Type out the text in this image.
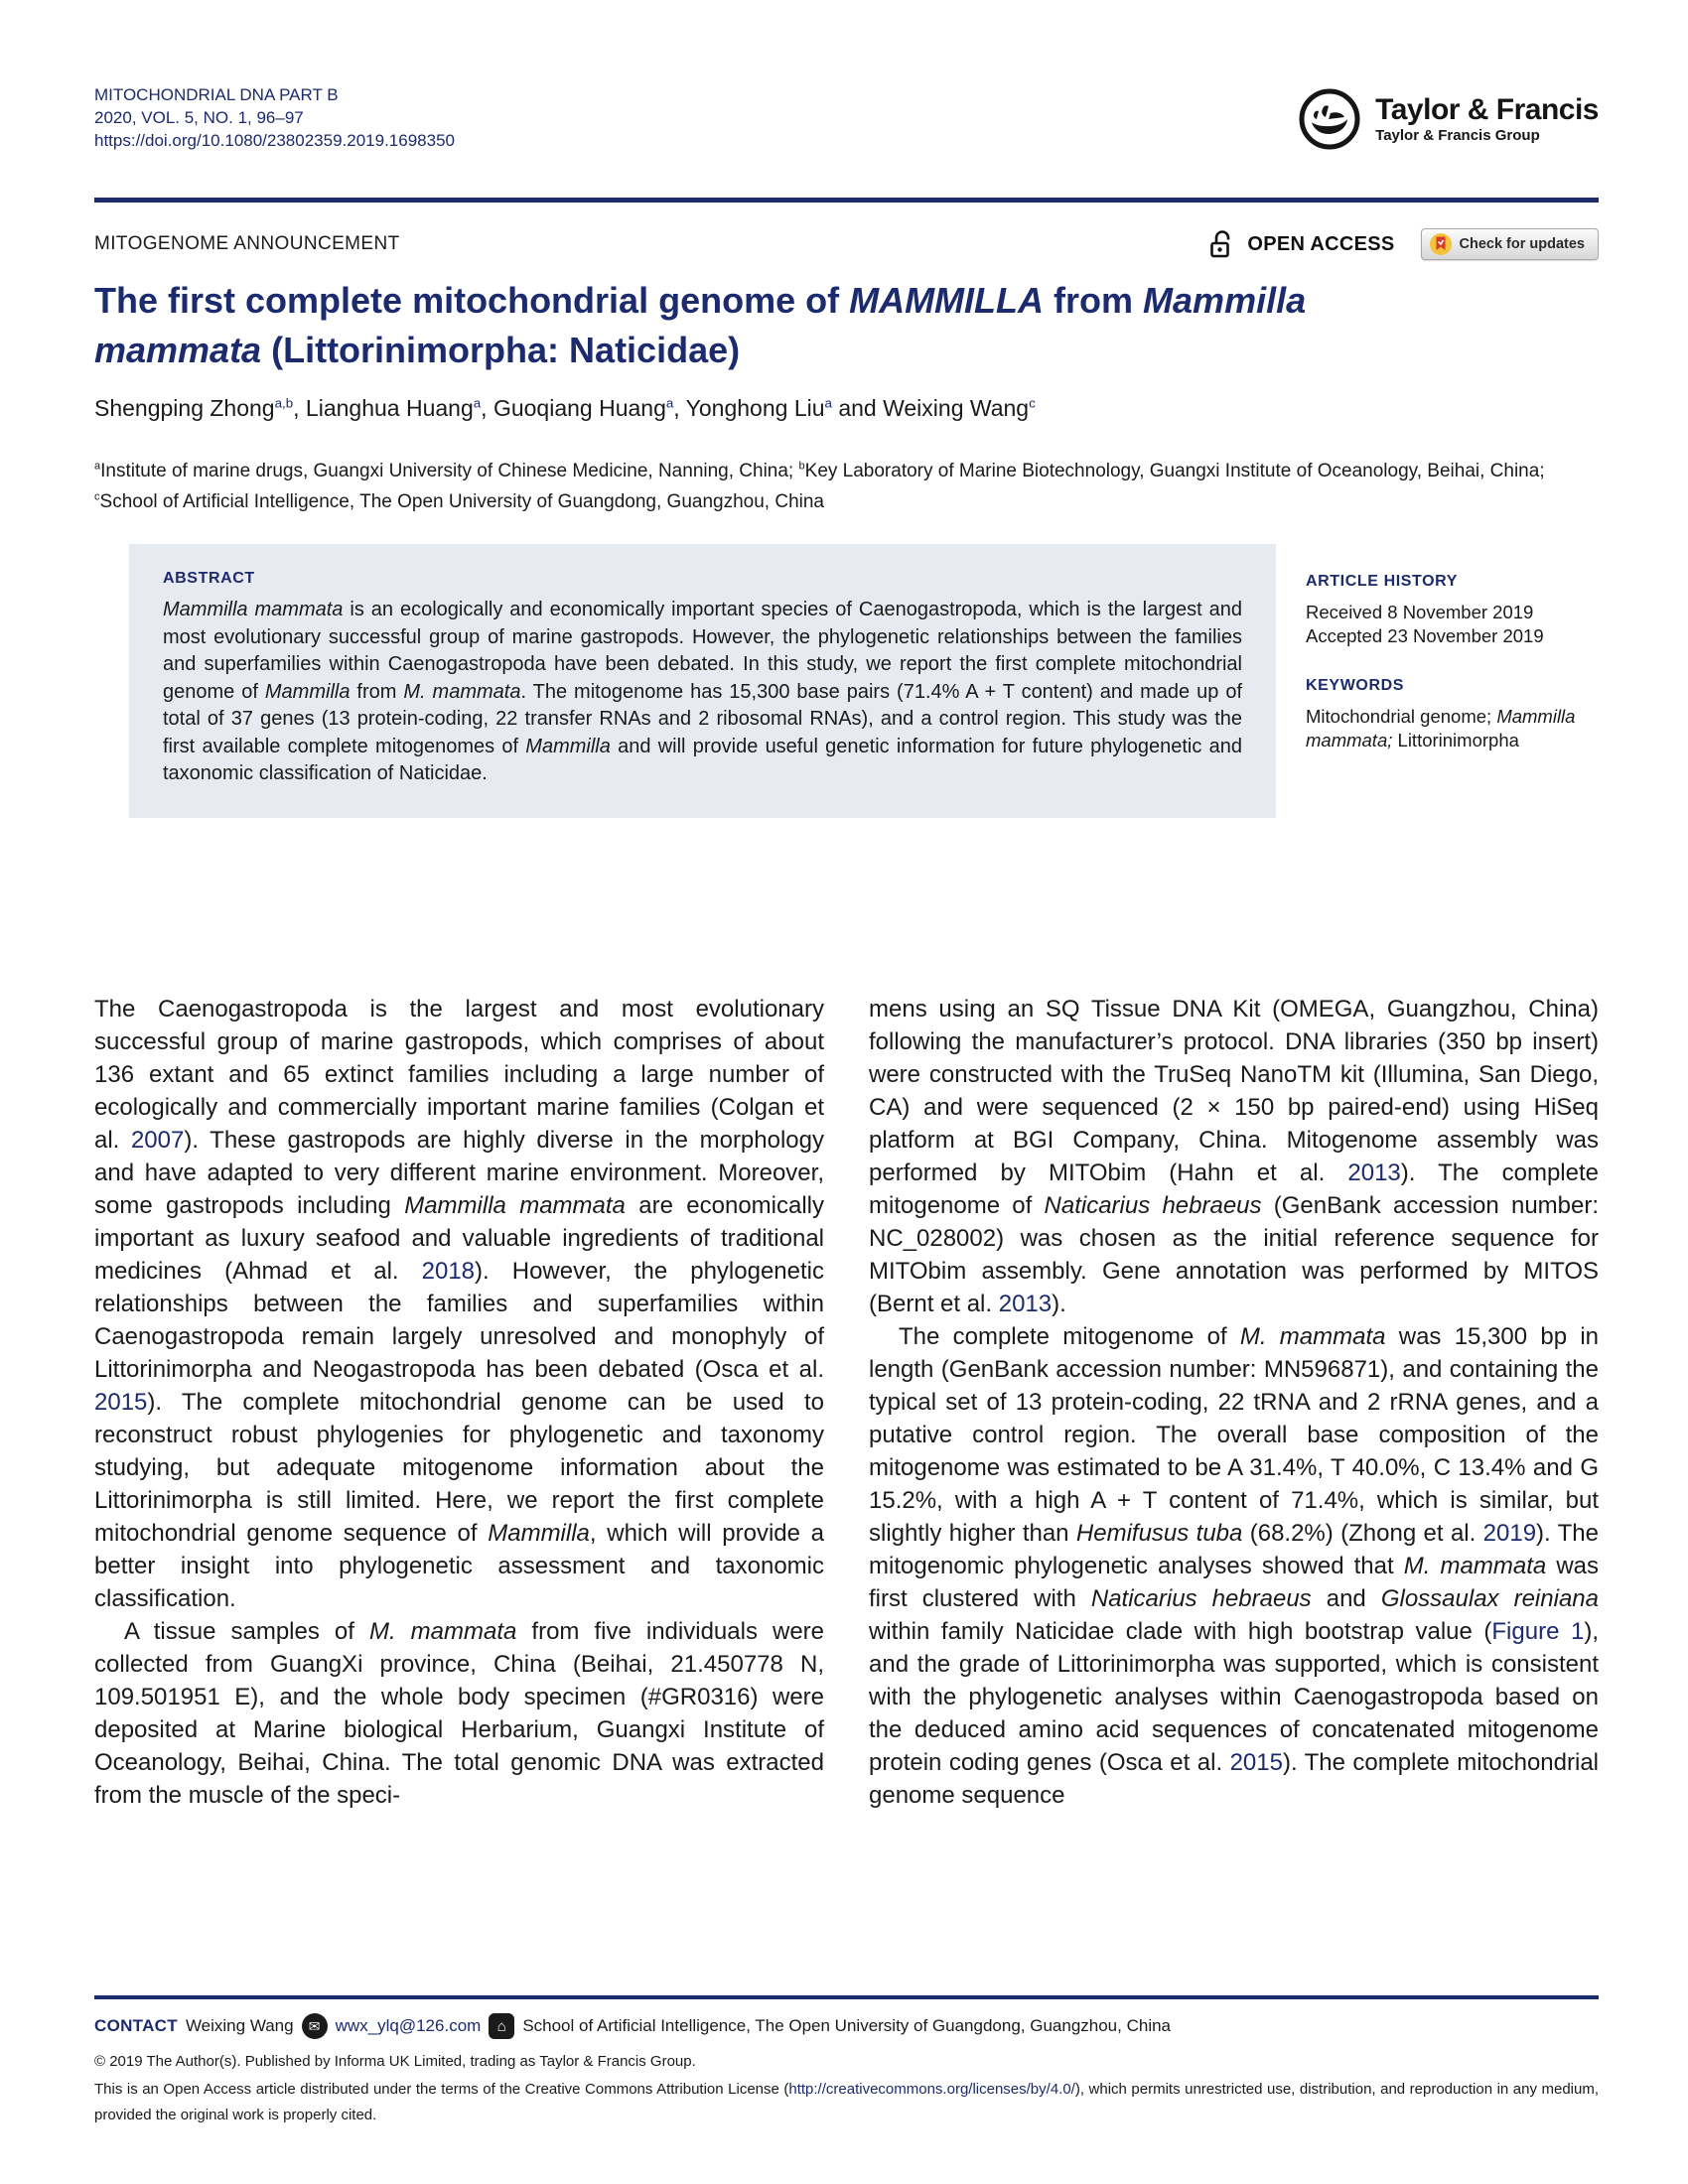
MITOCHONDRIAL DNA PART B
2020, VOL. 5, NO. 1, 96–97
https://doi.org/10.1080/23802359.2019.1698350
Taylor & Francis
Taylor & Francis Group
MITOGENOME ANNOUNCEMENT	OPEN ACCESS	Check for updates
The first complete mitochondrial genome of MAMMILLA from Mammilla mammata (Littorinimorpha: Naticidae)
Shengping Zhong$^{a,b}$, Lianghua Huang$^a$, Guoqiang Huang$^a$, Yonghong Liu$^a$ and Weixing Wang$^c$
$^a$Institute of marine drugs, Guangxi University of Chinese Medicine, Nanning, China; $^b$Key Laboratory of Marine Biotechnology, Guangxi Institute of Oceanology, Beihai, China; $^c$School of Artificial Intelligence, The Open University of Guangdong, Guangzhou, China
ABSTRACT

Mammilla mammata is an ecologically and economically important species of Caenogastropoda, which is the largest and most evolutionary successful group of marine gastropods. However, the phylogenetic relationships between the families and superfamilies within Caenogastropoda have been debated. In this study, we report the first complete mitochondrial genome of Mammilla from M. mammata. The mitogenome has 15,300 base pairs (71.4% A + T content) and made up of total of 37 genes (13 protein-coding, 22 transfer RNAs and 2 ribosomal RNAs), and a control region. This study was the first available complete mitogenomes of Mammilla and will provide useful genetic information for future phylogenetic and taxonomic classification of Naticidae.

ARTICLE HISTORY
Received 8 November 2019
Accepted 23 November 2019
KEYWORDS
Mitochondrial genome; Mammilla mammata; Littorinimorpha

The Caenogastropoda is the largest and most evolutionary successful group of marine gastropods, which comprises of about 136 extant and 65 extinct families including a large number of ecologically and commercially important marine families (Colgan et al. 2007). These gastropods are highly diverse in the morphology and have adapted to very different marine environment. Moreover, some gastropods including Mammilla mammata are economically important as luxury seafood and valuable ingredients of traditional medicines (Ahmad et al. 2018). However, the phylogenetic relationships between the families and superfamilies within Caenogastropoda remain largely unresolved and monophyly of Littorinimorpha and Neogastropoda has been debated (Osca et al. 2015). The complete mitochondrial genome can be used to reconstruct robust phylogenies for phylogenetic and taxonomy studying, but adequate mitogenome information about the Littorinimorpha is still limited. Here, we report the first complete mitochondrial genome sequence of Mammilla, which will provide a better insight into phylogenetic assessment and taxonomic classification.

A tissue samples of M. mammata from five individuals were collected from GuangXi province, China (Beihai, 21.450778 N, 109.501951 E), and the whole body specimen (#GR0316) were deposited at Marine biological Herbarium, Guangxi Institute of Oceanology, Beihai, China. The total genomic DNA was extracted from the muscle of the speci-

mens using an SQ Tissue DNA Kit (OMEGA, Guangzhou, China) following the manufacturer’s protocol. DNA libraries (350 bp insert) were constructed with the TruSeq NanoTM kit (Illumina, San Diego, CA) and were sequenced (2 × 150 bp paired-end) using HiSeq platform at BGI Company, China. Mitogenome assembly was performed by MITObim (Hahn et al. 2013). The complete mitogenome of Naticarius hebraeus (GenBank accession number: NC_028002) was chosen as the initial reference sequence for MITObim assembly. Gene annotation was performed by MITOS (Bernt et al. 2013).

The complete mitogenome of M. mammata was 15,300 bp in length (GenBank accession number: MN596871), and containing the typical set of 13 protein-coding, 22 tRNA and 2 rRNA genes, and a putative control region. The overall base composition of the mitogenome was estimated to be A 31.4%, T 40.0%, C 13.4% and G 15.2%, with a high A + T content of 71.4%, which is similar, but slightly higher than Hemifusus tuba (68.2%) (Zhong et al. 2019). The mitogenomic phylogenetic analyses showed that M. mammata was first clustered with Naticarius hebraeus and Glossaulax reiniana within family Naticidae clade with high bootstrap value (Figure 1), and the grade of Littorinimorpha was supported, which is consistent with the phylogenetic analyses within Caenogastropoda based on the deduced amino acid sequences of concatenated mitogenome protein coding genes (Osca et al. 2015). The complete mitochondrial genome sequence

CONTACT Weixing Wang	✉ wwx_ylq@126.com	⌂ School of Artificial Intelligence, The Open University of Guangdong, Guangzhou, China
© 2019 The Author(s). Published by Informa UK Limited, trading as Taylor & Francis Group.

This is an Open Access article distributed under the terms of the Creative Commons Attribution License (http://creativecommons.org/licenses/by/4.0/), which permits unrestricted use, distribution, and reproduction in any medium, provided the original work is properly cited.
